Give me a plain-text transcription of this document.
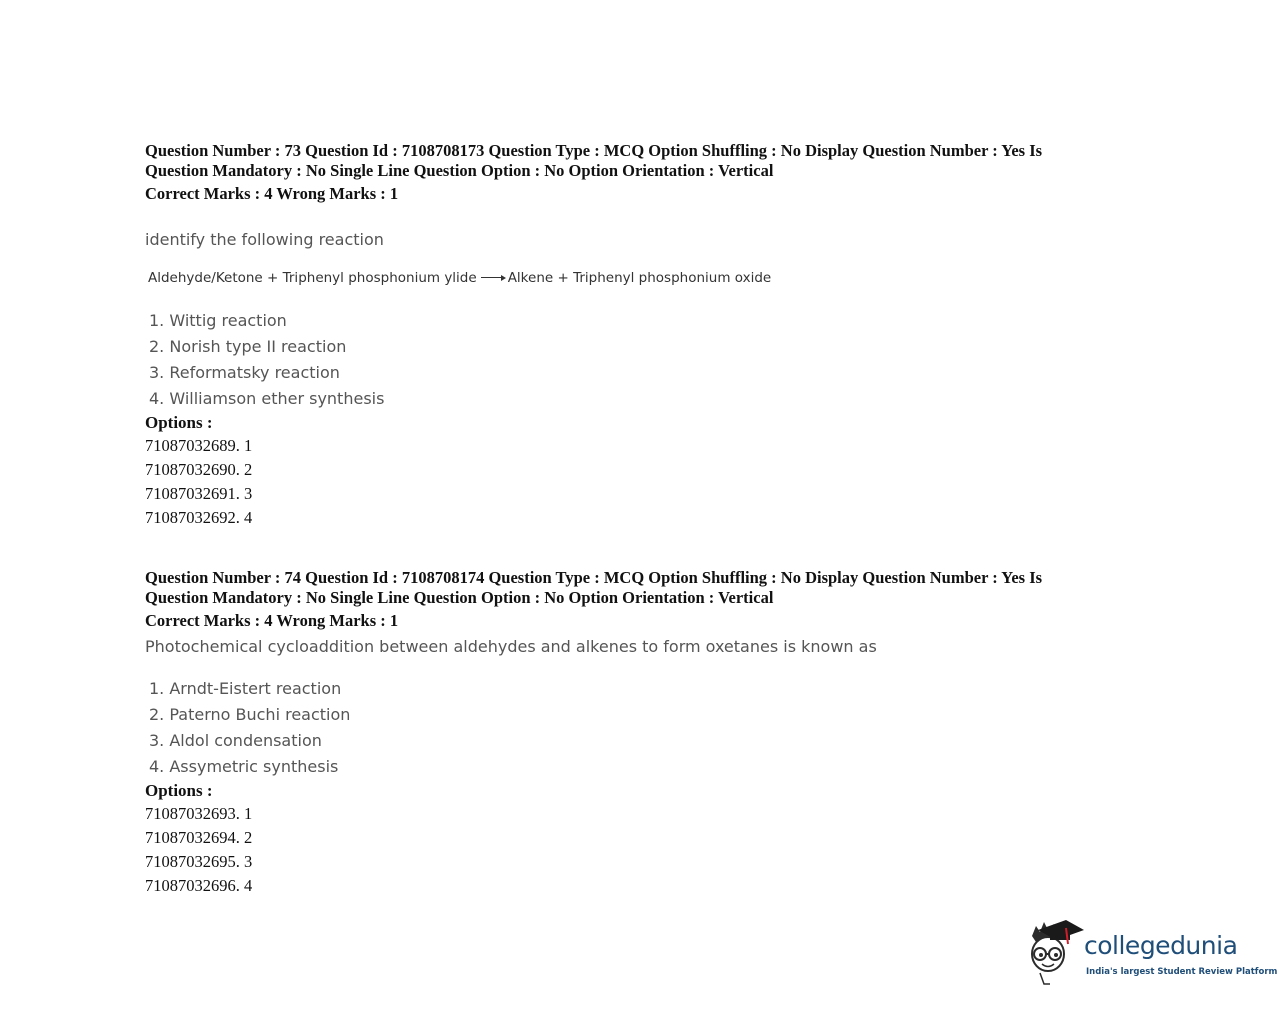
Question Number : 73 Question Id : 7108708173 Question Type : MCQ Option Shuffling : No Display Question Number : Yes Is

Question Mandatory : No Single Line Question Option : No Option Orientation : Vertical

Correct Marks : 4 Wrong Marks : 1

identify the following reaction

Aldehyde/Ketone + Triphenyl phosphonium ylide Alkene + Triphenyl phosphonium oxide
1. Wittig reaction
2. Norish type II reaction
3. Reformatsky reaction
4. Williamson ether synthesis

Options :

71087032689. 1
71087032690. 2
71087032691. 3
71087032692. 4

Question Number : 74 Question Id : 7108708174 Question Type : MCQ Option Shuffling : No Display Question Number : Yes Is

Question Mandatory : No Single Line Question Option : No Option Orientation : Vertical

Correct Marks : 4 Wrong Marks : 1

Photochemical cycloaddition between aldehydes and alkenes to form oxetanes is known as

1. Arndt-Eistert reaction
2. Paterno Buchi reaction
3. Aldol condensation
4. Assymetric synthesis

Options :

71087032693. 1
71087032694. 2
71087032695. 3
71087032696. 4
collegedunia
India's largest Student Review Platform
